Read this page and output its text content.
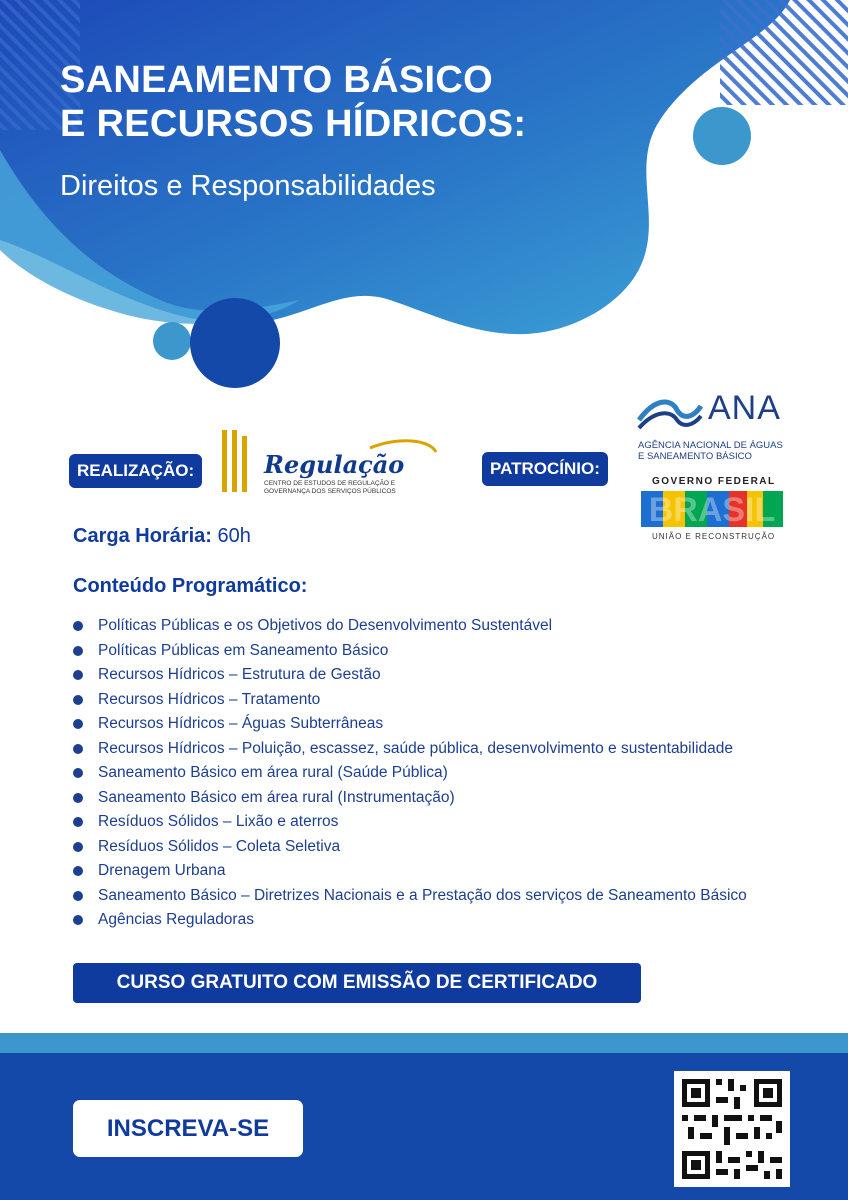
SANEAMENTO BÁSICO
E RECURSOS HÍDRICOS:
Direitos e Responsabilidades
REALIZAÇÃO:	Regulação
CENTRO DE ESTUDOS DE REGULAÇÃO E
GOVERNANÇA DOS SERVIÇOS PÚBLICOS
PATROCÍNIO:
ANA
AGÊNCIA NACIONAL DE ÁGUAS
E SANEAMENTO BÁSICO
GOVERNO FEDERAL
BRASIL
UNIÃO E RECONSTRUÇÃO
Carga Horária: 60h
Conteúdo Programático:
Políticas Públicas e os Objetivos do Desenvolvimento Sustentável
Políticas Públicas em Saneamento Básico
Recursos Hídricos – Estrutura de Gestão
Recursos Hídricos – Tratamento
Recursos Hídricos – Águas Subterrâneas
Recursos Hídricos – Poluição, escassez, saúde pública, desenvolvimento e sustentabilidade
Saneamento Básico em área rural (Saúde Pública)
Saneamento Básico em área rural (Instrumentação)
Resíduos Sólidos – Lixão e aterros
Resíduos Sólidos – Coleta Seletiva
Drenagem Urbana
Saneamento Básico – Diretrizes Nacionais e a Prestação dos serviços de Saneamento Básico
Agências Reguladoras
CURSO GRATUITO COM EMISSÃO DE CERTIFICADO
INSCREVA-SE
